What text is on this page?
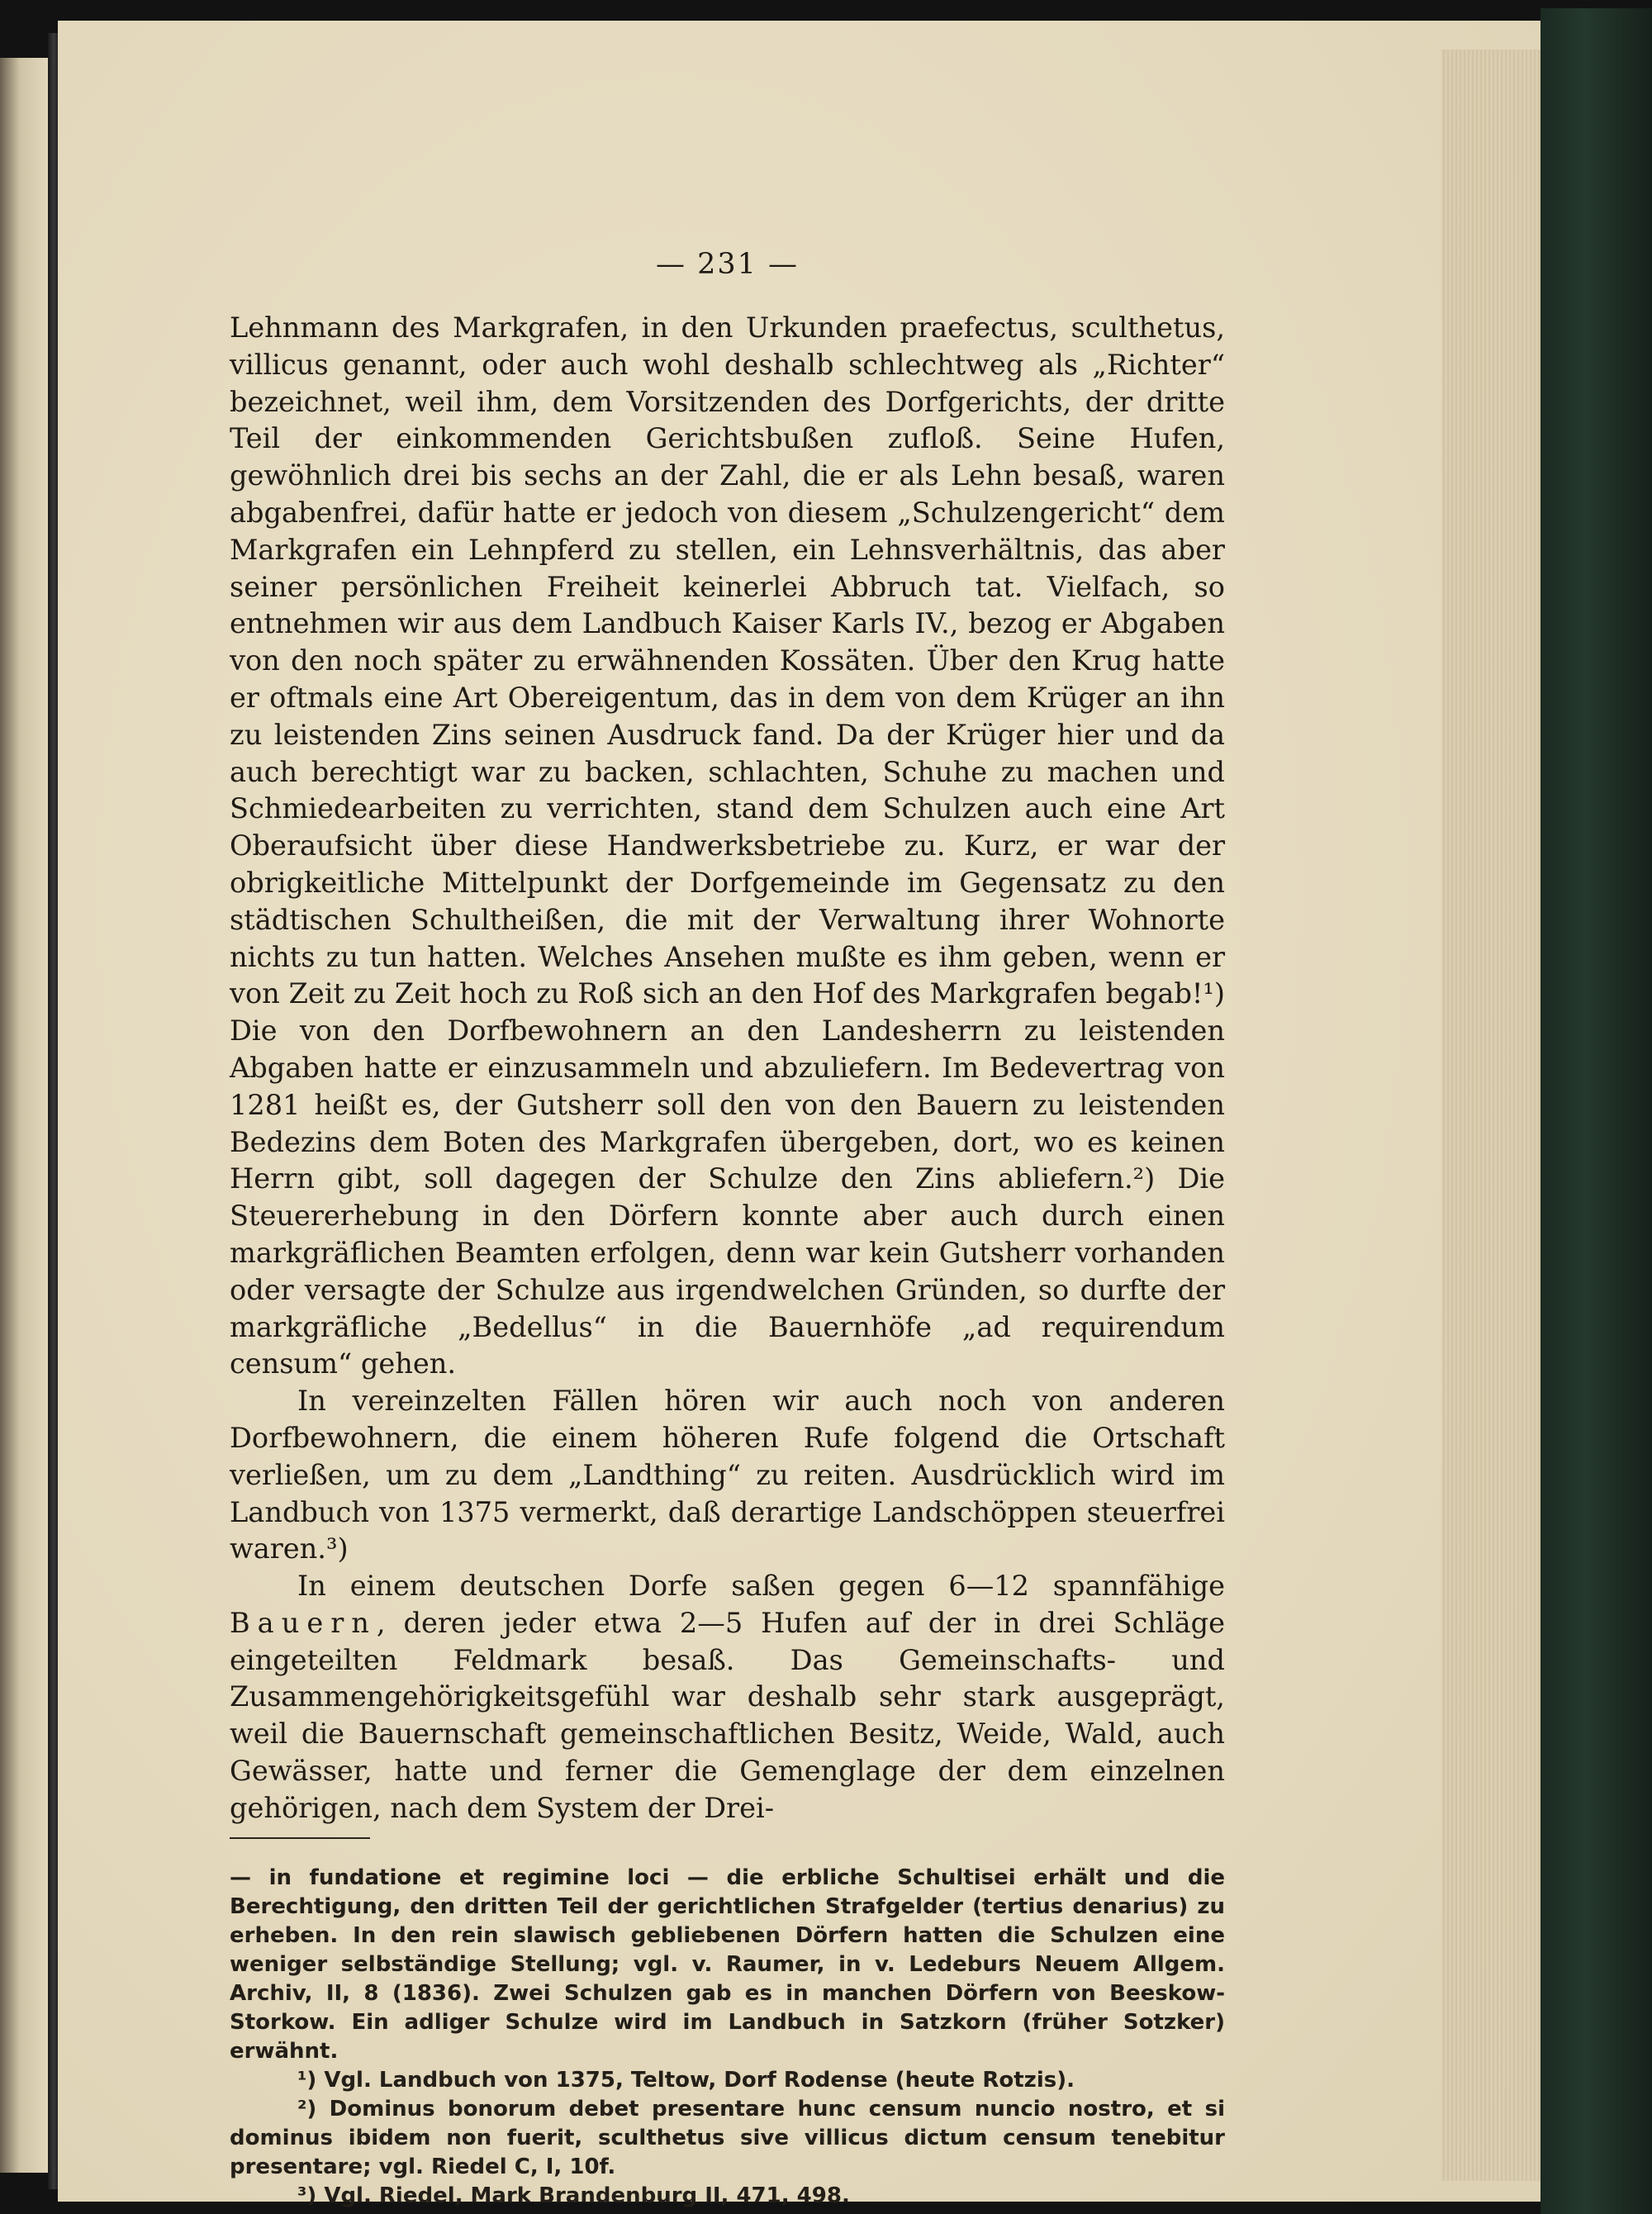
— 231 —

Lehnmann des Markgrafen, in den Urkunden praefectus, sculthetus, villicus genannt, oder auch wohl deshalb schlechtweg als „Richter“ bezeichnet, weil ihm, dem Vorsitzenden des Dorfgerichts, der dritte Teil der einkommenden Gerichtsbußen zufloß. Seine Hufen, gewöhnlich drei bis sechs an der Zahl, die er als Lehn besaß, waren abgabenfrei, dafür hatte er jedoch von diesem „Schulzengericht“ dem Markgrafen ein Lehnpferd zu stellen, ein Lehnsverhältnis, das aber seiner persönlichen Freiheit keinerlei Abbruch tat. Vielfach, so entnehmen wir aus dem Landbuch Kaiser Karls IV., bezog er Abgaben von den noch später zu erwähnenden Kossäten. Über den Krug hatte er oftmals eine Art Obereigentum, das in dem von dem Krüger an ihn zu leistenden Zins seinen Ausdruck fand. Da der Krüger hier und da auch berechtigt war zu backen, schlachten, Schuhe zu machen und Schmiedearbeiten zu verrichten, stand dem Schulzen auch eine Art Oberaufsicht über diese Handwerksbetriebe zu. Kurz, er war der obrigkeitliche Mittelpunkt der Dorfgemeinde im Gegensatz zu den städtischen Schultheißen, die mit der Verwaltung ihrer Wohnorte nichts zu tun hatten. Welches Ansehen mußte es ihm geben, wenn er von Zeit zu Zeit hoch zu Roß sich an den Hof des Markgrafen begab!¹) Die von den Dorfbewohnern an den Landesherrn zu leistenden Abgaben hatte er einzusammeln und abzuliefern. Im Bedevertrag von 1281 heißt es, der Gutsherr soll den von den Bauern zu leistenden Bedezins dem Boten des Markgrafen übergeben, dort, wo es keinen Herrn gibt, soll dagegen der Schulze den Zins abliefern.²) Die Steuererhebung in den Dörfern konnte aber auch durch einen markgräflichen Beamten erfolgen, denn war kein Gutsherr vorhanden oder versagte der Schulze aus irgendwelchen Gründen, so durfte der markgräfliche „Bedellus“ in die Bauernhöfe „ad requirendum censum“ gehen.

In vereinzelten Fällen hören wir auch noch von anderen Dorfbewohnern, die einem höheren Rufe folgend die Ortschaft verließen, um zu dem „Landthing“ zu reiten. Ausdrücklich wird im Landbuch von 1375 vermerkt, daß derartige Landschöppen steuerfrei waren.³)

In einem deutschen Dorfe saßen gegen 6—12 spannfähige Bauern, deren jeder etwa 2—5 Hufen auf der in drei Schläge eingeteilten Feldmark besaß. Das Gemeinschafts- und Zusammengehörigkeitsgefühl war deshalb sehr stark ausgeprägt, weil die Bauernschaft gemeinschaftlichen Besitz, Weide, Wald, auch Gewässer, hatte und ferner die Gemenglage der dem einzelnen gehörigen, nach dem System der Drei-

— in fundatione et regimine loci — die erbliche Schultisei erhält und die Berechtigung, den dritten Teil der gerichtlichen Strafgelder (tertius denarius) zu erheben. In den rein slawisch gebliebenen Dörfern hatten die Schulzen eine weniger selbständige Stellung; vgl. v. Raumer, in v. Ledeburs Neuem Allgem. Archiv, II, 8 (1836). Zwei Schulzen gab es in manchen Dörfern von Beeskow-Storkow. Ein adliger Schulze wird im Landbuch in Satzkorn (früher Sotzker) erwähnt.

¹) Vgl. Landbuch von 1375, Teltow, Dorf Rodense (heute Rotzis).

²) Dominus bonorum debet presentare hunc censum nuncio nostro, et si dominus ibidem non fuerit, sculthetus sive villicus dictum censum tenebitur presentare; vgl. Riedel C, I, 10f.

³) Vgl. Riedel, Mark Brandenburg II, 471, 498.
